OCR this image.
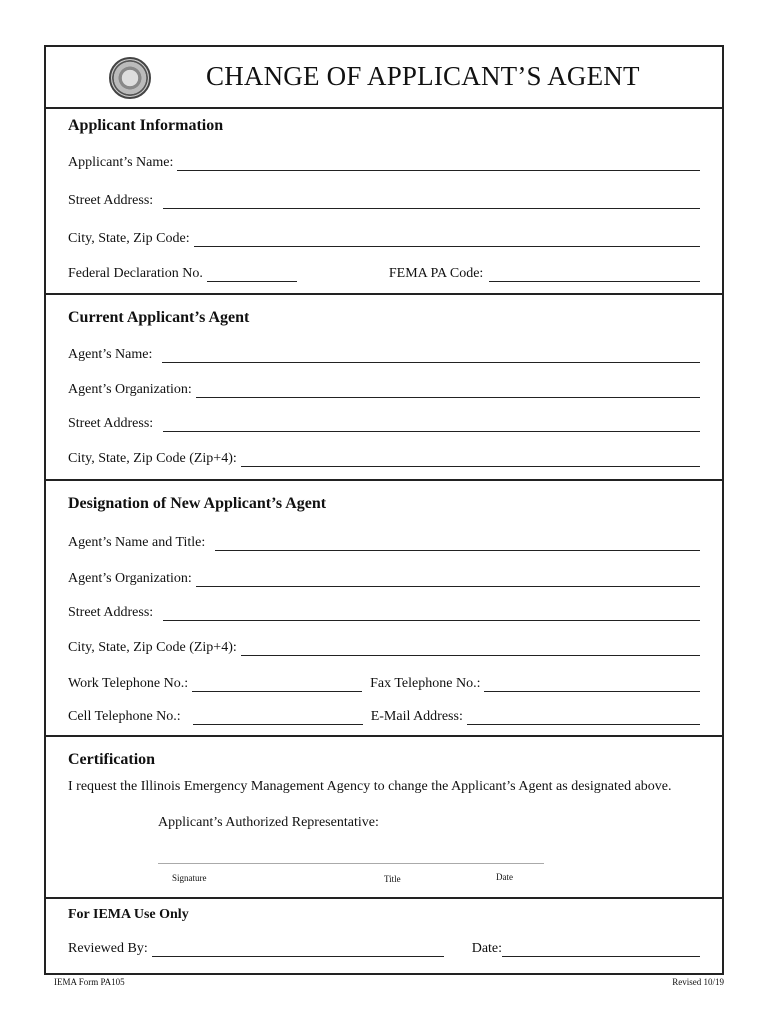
CHANGE OF APPLICANT’S AGENT
Applicant Information
Applicant’s Name:
Street Address:
City, State, Zip Code:
Federal Declaration No.	FEMA PA Code:
Current Applicant’s Agent
Agent’s Name:
Agent’s Organization:
Street Address:
City, State, Zip Code (Zip+4):
Designation of New Applicant’s Agent
Agent’s Name and Title:
Agent’s Organization:
Street Address:
City, State, Zip Code (Zip+4):
Work Telephone No.:	Fax Telephone No.:
Cell Telephone No.:	E-Mail Address:
Certification
I request the Illinois Emergency Management Agency to change the Applicant’s Agent as designated above.
Applicant’s Authorized Representative:
Signature	Title	Date
For IEMA Use Only
Reviewed By:	Date:
IEMA Form PA105	Revised 10/19
